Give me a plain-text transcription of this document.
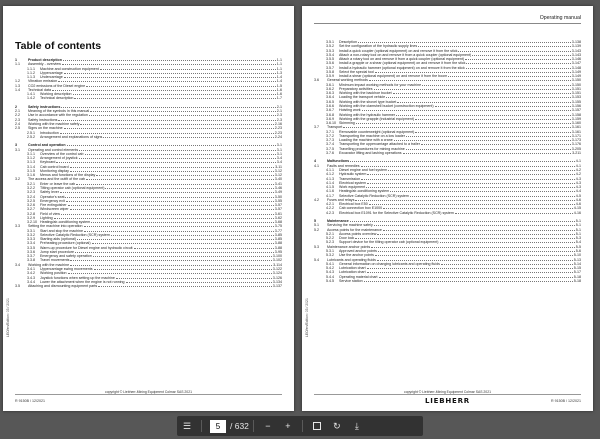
Table of contents
1	Product description	1-1
1.1	Assembly - overview	1-1
1.1.1	Machine and construction equipment	1-1
1.1.2	Uppercarriage	1-3
1.1.3	Undercarriage	1-4
1.2	Vibration emission	1-4
1.3	CO2 emissions of the Diesel engine	1-5
1.4	Technical data	1-6
1.4.1	Working description	1-6
1.4.2	Technical description	1-7
2	Safety instructions	2-1
2.1	Meaning of the symbols in this manual	2-1
2.2	Use in accordance with the regulation	2-3
2.3	Safety instructions	2-3
2.4	Working with the machine safely	2-16
2.5	Signs on the machine	2-23
2.5.1	Introduction	2-23
2.5.2	Arrangement and explanations of signs	2-24
3	Control and operation	3-1
3.1	Operating and control elements	3-1
3.1.1	Overview of the control cab	3-1
3.1.2	Arrangement of joystick	3-4
3.1.3	Keyboard	3-4
3.1.4	Cab control board	3-11
3.1.5	Monitoring display	3-12
3.1.6	Menus and functions of the display	3-12
3.2	The access and the outfit of the cab	3-40
3.2.1	Enter or leave the cab	3-41
3.2.2	Tilting operator cab (optional equipment)	3-46
3.2.3	Safety lever	3-49
3.2.4	Operator's seat	3-50
3.2.5	Emergency exit	3-55
3.2.6	Fire extinguisher	3-57
3.2.7	Windscreen wiper	3-57
3.2.8	Field of view	3-61
3.2.9	Lighting	3-62
3.2.10 Heating/air-conditioning system	3-68
3.3	Setting the machine into operation	3-75
3.3.1	Start and stop the machine	3-77
3.3.2	Selective Catalytic Reduction (SCR) system	3-85
3.3.3	Starting aids (optional)	3-85
3.3.4	Preheating procedure (optional)	3-88
3.3.5	Warm-up procedure for Diesel engine and hydraulic circuit	3-88
3.3.6	Jump start procedure	3-95
3.3.7	Emergency and safety operation	3-100
3.3.8	Travel movements	3-102
3.4	Working with the machine	3-114
3.4.1	Uppercarriage swing movements	3-122
3.4.2	Working position	3-124
3.4.3	Joystick functions when setting up the machine	3-126
3.4.4	Lower the attachment when the engine is not running	3-134
3.5	Attaching and dismounting equipment parts	3-137
LEO/en/Edition: 03 / 2021
copyright © Liebherr-Mining Equipment Colmar SAS 2021
R 9150B / 12/2021
Operating manual
3.5.1	Description	3-138
3.5.2	Set the configuration of the hydraulic supply lines	3-139
3.5.3	Install a quick coupler (optional equipment) on and remove it from the stick	3-143
3.5.4	Attach a non-rotary tool on and remove it from a quick coupler (optional equipment)	3-143
3.5.5	Attach a rotary tool on and remove it from a quick coupler (optional equipment)	3-146
3.5.6	Install a grapple or a shear (optional equipment) on and remove it from the stick	3-147
3.5.7	Install a hydraulic hammer (optional equipment) on and remove it from the stick	3-148
3.5.8	Select the special tool	3-149
3.5.9	Install a shear (optional equipment) on and remove it from the boom	3-149
3.6	General working methods	3-150
3.6.1	Minimum impact working methods for your machine	3-150
3.6.2	Preparatory activities	3-151
3.6.3	Working with the backhoe bucket	3-151
3.6.4	Loading the transport vehicle	3-153
3.6.5	Working with the shovel type bucket	3-155
3.6.6	Working with the clamshell bucket (construction equipment)	3-156
3.6.7	Hoisting work	3-157
3.6.8	Working with the hydraulic hammer	3-158
3.6.9	Working with the grapple (industrial equipment)	3-159
3.6.10 Skimming	3-160
3.7	Transport	3-161
3.7.1	Removable counterweight (optional equipment)	3-161
3.7.2	Transporting the machine on a low loader	3-171
3.7.3	Loading the machine with a crane	3-173
3.7.4	Transporting the uppercarriage attached to a trailer	3-176
3.7.5	Travelling procedures for mining machine	3-205
3.7.6	Excavator lifting and lashing operations	3-211
4	Malfunctions	4-1
4.1	Faults and remedies	4-1
4.1.1	Diesel engine and fuel system	4-2
4.1.2	Hydraulic system	4-2
4.1.3	Transmission	4-3
4.1.4	Electrical system	4-3
4.1.5	Work equipment	4-3
4.1.6	Heating/air-conditioning system	4-4
4.1.7	Selective Catalytic Reduction (SCR) system	4-5
4.2	Fuses and relays	4-6
4.2.1	Electrical box E50	4-6
4.2.2	Cab connection box E1000	4-15
4.2.3	Electrical box E1091 for the Selective Catalytic Reduction (SCR) system	4-16
5	Maintenance	5-1
5.1	Servicing the machine safely	5-1
5.2	Access points for the maintenance	5-1
5.2.1	Access points overview	5-1
5.2.2	Door lock	5-3
5.2.3	Support device for the tilting operator cab (optional equipment)	5-4
5.3	Maintenance anchor points	5-5
5.3.1	Approved anchor points	5-6
5.3.2	Use the anchor points	5-10
5.4	Lubricants and operating fluids	5-13
5.4.1	General information on changing lubricants and operating fluids	5-14
5.4.2	Lubrication chart	5-15
5.4.3	Lubrication chart	5-17
5.4.4	Operating material chart	5-18
5.4.5	Service station	5-18
LEO/en/Edition: 03 / 2021
copyright © Liebherr-Mining Equipment Colmar SAS 2021
LIEBHERR	R 9150B / 12/2021
☰	5	/ 632	−	+	↻	⤓
